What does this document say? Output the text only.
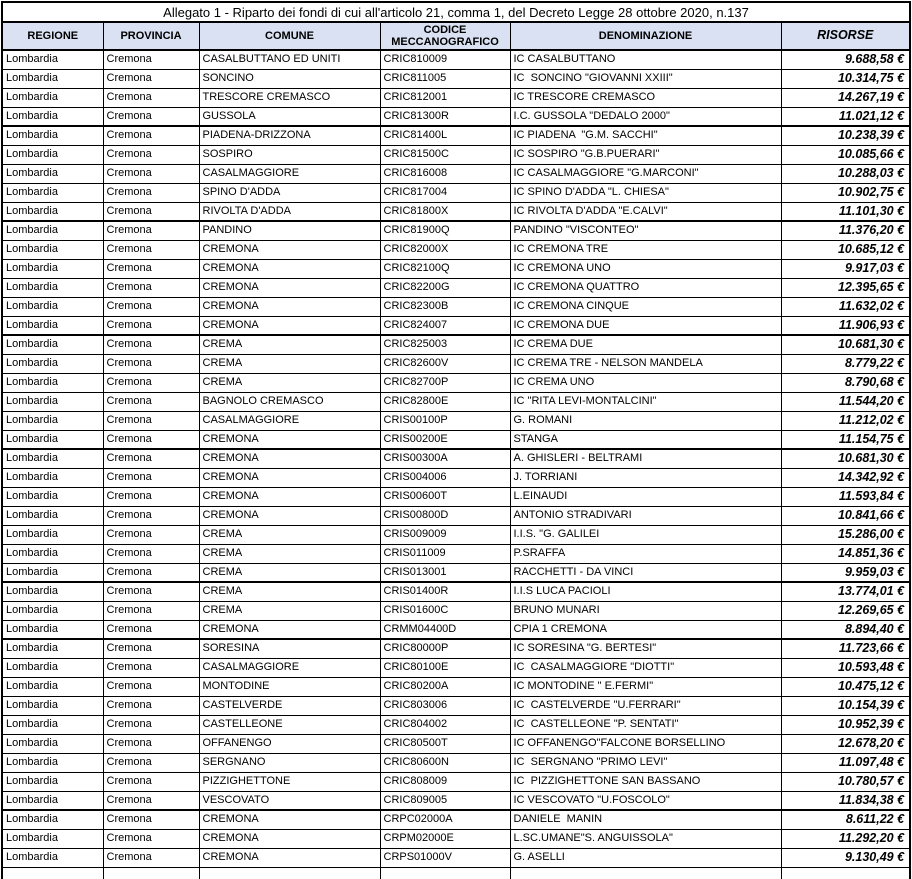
Allegato 1 - Riparto dei fondi di cui all'articolo 21, comma 1, del Decreto Legge 28 ottobre 2020, n.137					
REGIONE	PROVINCIA	COMUNE	CODICE MECCANOGRAFICO	DENOMINAZIONE	RISORSE
Lombardia	Cremona	CASALBUTTANO ED UNITI	CRIC810009	IC CASALBUTTANO	9.688,58 €
Lombardia	Cremona	SONCINO	CRIC811005	IC  SONCINO "GIOVANNI XXIII"	10.314,75 €
Lombardia	Cremona	TRESCORE CREMASCO	CRIC812001	IC TRESCORE CREMASCO	14.267,19 €
Lombardia	Cremona	GUSSOLA	CRIC81300R	I.C. GUSSOLA "DEDALO 2000"	11.021,12 €
Lombardia	Cremona	PIADENA-DRIZZONA	CRIC81400L	IC PIADENA  "G.M. SACCHI"	10.238,39 €
Lombardia	Cremona	SOSPIRO	CRIC81500C	IC SOSPIRO "G.B.PUERARI"	10.085,66 €
Lombardia	Cremona	CASALMAGGIORE	CRIC816008	IC CASALMAGGIORE "G.MARCONI"	10.288,03 €
Lombardia	Cremona	SPINO D'ADDA	CRIC817004	IC SPINO D'ADDA "L. CHIESA"	10.902,75 €
Lombardia	Cremona	RIVOLTA D'ADDA	CRIC81800X	IC RIVOLTA D'ADDA "E.CALVI"	11.101,30 €
Lombardia	Cremona	PANDINO	CRIC81900Q	PANDINO "VISCONTEO"	11.376,20 €
Lombardia	Cremona	CREMONA	CRIC82000X	IC CREMONA TRE	10.685,12 €
Lombardia	Cremona	CREMONA	CRIC82100Q	IC CREMONA UNO	9.917,03 €
Lombardia	Cremona	CREMONA	CRIC82200G	IC CREMONA QUATTRO	12.395,65 €
Lombardia	Cremona	CREMONA	CRIC82300B	IC CREMONA CINQUE	11.632,02 €
Lombardia	Cremona	CREMONA	CRIC824007	IC CREMONA DUE	11.906,93 €
Lombardia	Cremona	CREMA	CRIC825003	IC CREMA DUE	10.681,30 €
Lombardia	Cremona	CREMA	CRIC82600V	IC CREMA TRE - NELSON MANDELA	8.779,22 €
Lombardia	Cremona	CREMA	CRIC82700P	IC CREMA UNO	8.790,68 €
Lombardia	Cremona	BAGNOLO CREMASCO	CRIC82800E	IC "RITA LEVI-MONTALCINI"	11.544,20 €
Lombardia	Cremona	CASALMAGGIORE	CRIS00100P	G. ROMANI	11.212,02 €
Lombardia	Cremona	CREMONA	CRIS00200E	STANGA	11.154,75 €
Lombardia	Cremona	CREMONA	CRIS00300A	A. GHISLERI - BELTRAMI	10.681,30 €
Lombardia	Cremona	CREMONA	CRIS004006	J. TORRIANI	14.342,92 €
Lombardia	Cremona	CREMONA	CRIS00600T	L.EINAUDI	11.593,84 €
Lombardia	Cremona	CREMONA	CRIS00800D	ANTONIO STRADIVARI	10.841,66 €
Lombardia	Cremona	CREMA	CRIS009009	I.I.S. "G. GALILEI	15.286,00 €
Lombardia	Cremona	CREMA	CRIS011009	P.SRAFFA	14.851,36 €
Lombardia	Cremona	CREMA	CRIS013001	RACCHETTI - DA VINCI	9.959,03 €
Lombardia	Cremona	CREMA	CRIS01400R	I.I.S LUCA PACIOLI	13.774,01 €
Lombardia	Cremona	CREMA	CRIS01600C	BRUNO MUNARI	12.269,65 €
Lombardia	Cremona	CREMONA	CRMM04400D	CPIA 1 CREMONA	8.894,40 €
Lombardia	Cremona	SORESINA	CRIC80000P	IC SORESINA "G. BERTESI"	11.723,66 €
Lombardia	Cremona	CASALMAGGIORE	CRIC80100E	IC  CASALMAGGIORE "DIOTTI"	10.593,48 €
Lombardia	Cremona	MONTODINE	CRIC80200A	IC MONTODINE " E.FERMI"	10.475,12 €
Lombardia	Cremona	CASTELVERDE	CRIC803006	IC  CASTELVERDE "U.FERRARI"	10.154,39 €
Lombardia	Cremona	CASTELLEONE	CRIC804002	IC  CASTELLEONE "P. SENTATI"	10.952,39 €
Lombardia	Cremona	OFFANENGO	CRIC80500T	IC OFFANENGO"FALCONE BORSELLINO	12.678,20 €
Lombardia	Cremona	SERGNANO	CRIC80600N	IC  SERGNANO "PRIMO LEVI"	11.097,48 €
Lombardia	Cremona	PIZZIGHETTONE	CRIC808009	IC  PIZZIGHETTONE SAN BASSANO	10.780,57 €
Lombardia	Cremona	VESCOVATO	CRIC809005	IC VESCOVATO "U.FOSCOLO"	11.834,38 €
Lombardia	Cremona	CREMONA	CRPC02000A	DANIELE  MANIN	8.611,22 €
Lombardia	Cremona	CREMONA	CRPM02000E	L.SC.UMANE"S. ANGUISSOLA"	11.292,20 €
Lombardia	Cremona	CREMONA	CRPS01000V	G. ASELLI	9.130,49 €
